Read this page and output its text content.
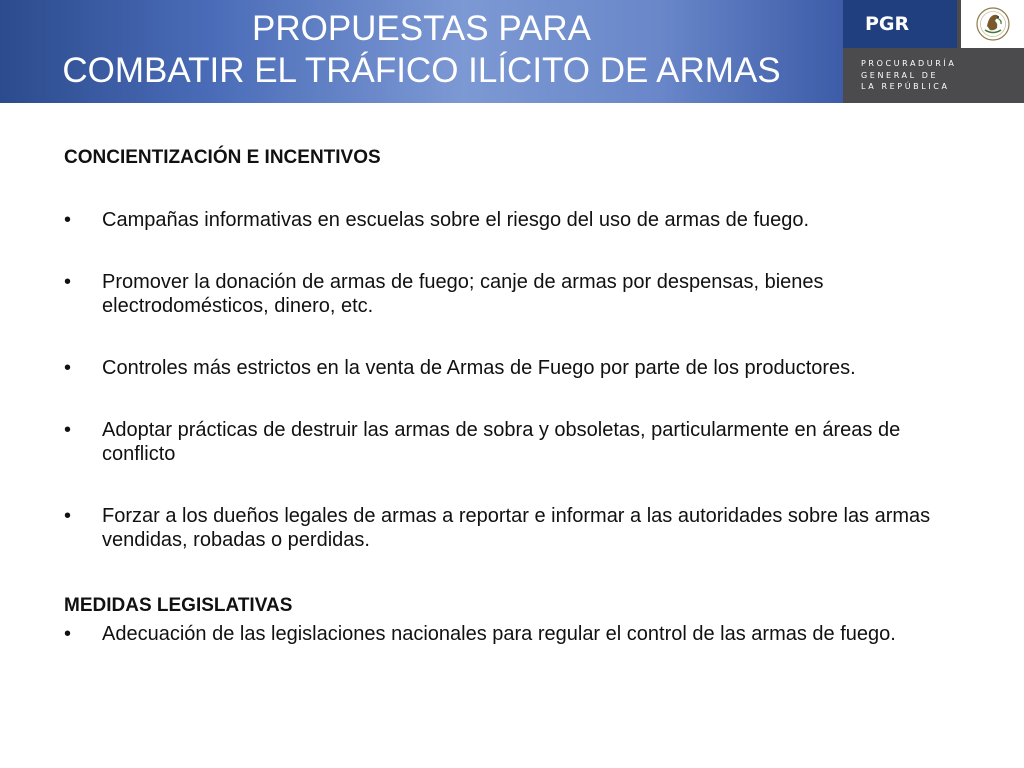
PROPUESTAS PARA
COMBATIR EL TRÁFICO ILÍCITO DE ARMAS
PGR
PROCURADURÍA
GENERAL DE
LA REPÚBLICA

CONCIENTIZACIÓN E INCENTIVOS

•	Campañas informativas en escuelas sobre el riesgo del uso de armas de fuego.
•	Promover la donación de armas de fuego; canje de armas por despensas, bienes electrodomésticos, dinero, etc.
•	Controles más estrictos en la venta de Armas de Fuego por parte de los productores.
•	Adoptar prácticas de destruir las armas de sobra y obsoletas, particularmente en áreas de conflicto
•	Forzar a los dueños legales de armas a reportar e informar a las autoridades sobre las armas vendidas, robadas o perdidas.

MEDIDAS LEGISLATIVAS

•	Adecuación de las legislaciones nacionales para regular el control de las armas de fuego.
